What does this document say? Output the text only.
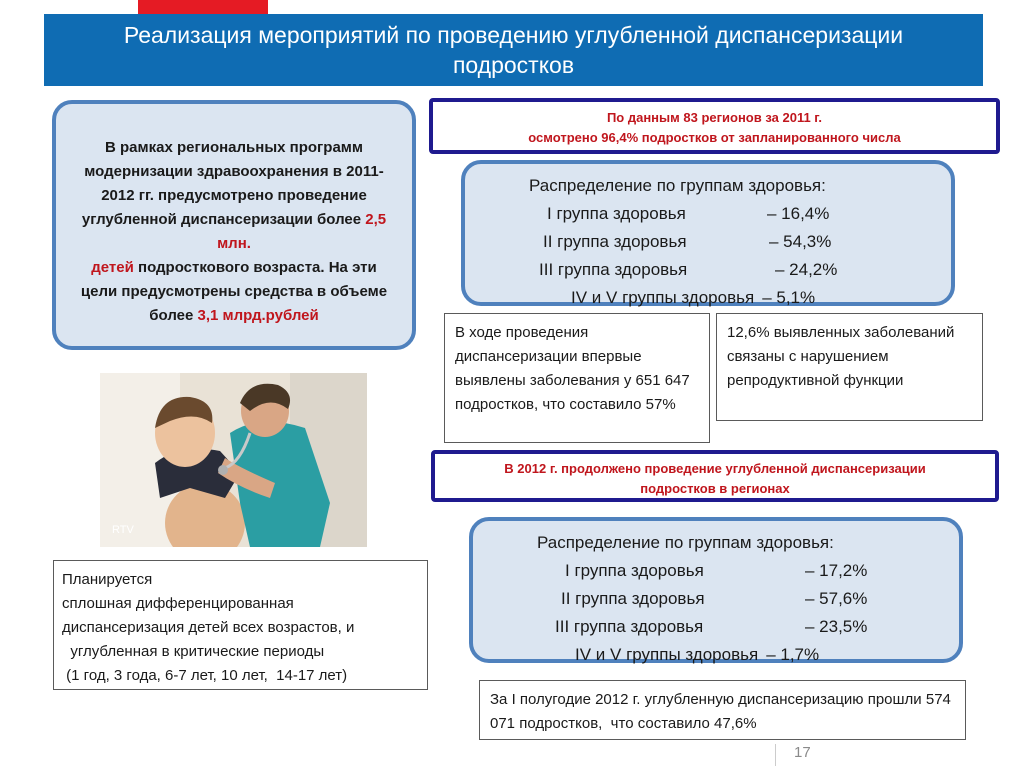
Реализация мероприятий по проведению углубленной диспансеризации подростков
В рамках региональных программ модернизации здравоохранения в 2011-2012 гг. предусмотрено проведение углубленной диспансеризации более 2,5 млн.
детей подросткового возраста. На эти цели предусмотрены средства в объеме более 3,1 млрд.рублей
По данным 83 регионов за 2011 г.
осмотрено 96,4% подростков от запланированного числа
Распределение по группам здоровья:
I группа здоровья	– 16,4%
II группа здоровья	– 54,3%
III группа здоровья	– 24,2%
IV и V группы здоровья – 5,1%
В ходе проведения диспансеризации впервые выявлены заболевания у 651 647 подростков, что составило 57%
12,6% выявленных заболеваний связаны с нарушением репродуктивной функции
RTV
В 2012 г. продолжено проведение углубленной диспансеризации
подростков в регионах
Распределение по группам здоровья:
I группа здоровья	– 17,2%
II группа здоровья	– 57,6%
III группа здоровья	– 23,5%
IV и V группы здоровья – 1,7%
Планируется
сплошная дифференцированная
диспансеризация детей всех возрастов, и
углубленная в критические периоды
(1 год, 3 года, 6-7 лет, 10 лет,  14-17 лет)
За I полугодие 2012 г. углубленную диспансеризацию прошли 574 071 подростков,  что составило 47,6%
17
